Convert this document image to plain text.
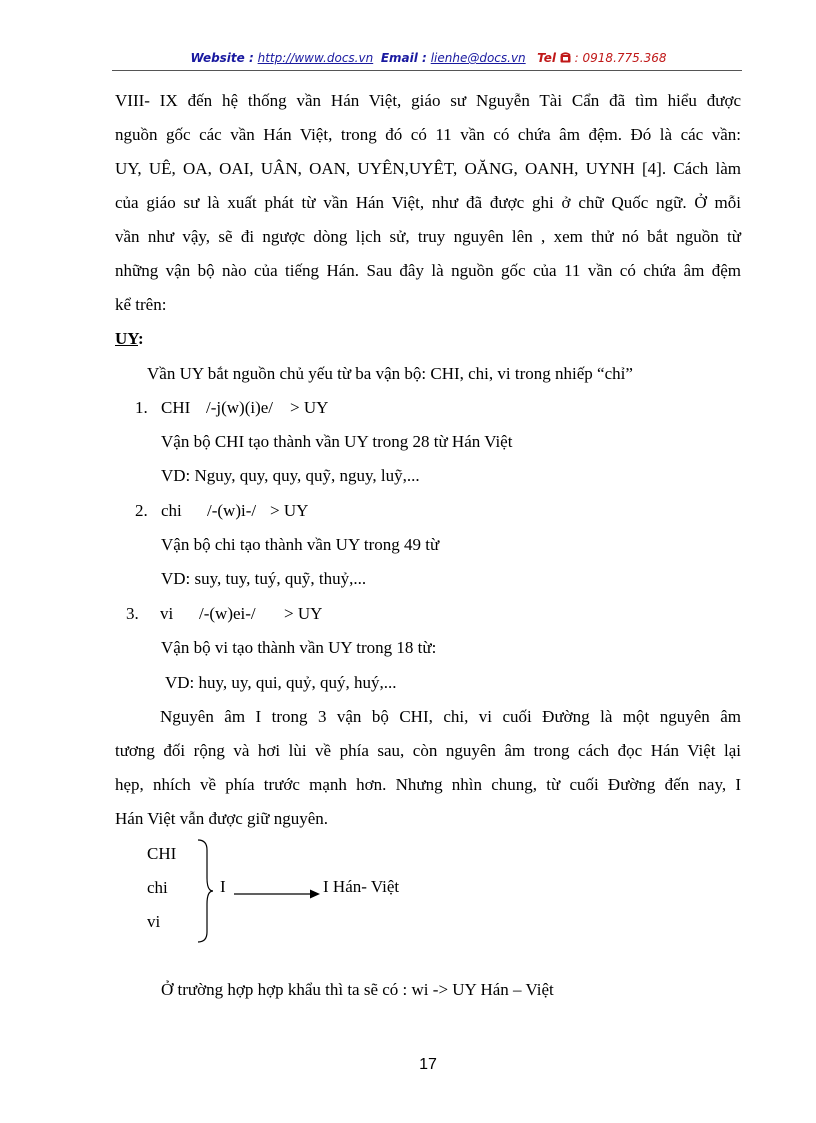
Website : http://www.docs.vn Email : lienhe@docs.vn Tel : 0918.775.368
VIII- IX đến hệ thống vần Hán Việt, giáo sư Nguyễn Tài Cẩn đã tìm hiểu được
nguồn gốc các vần Hán Việt, trong đó có 11 vần có chứa âm đệm. Đó là các vần:
UY, UÊ, OA, OAI, UÂN, OAN, UYÊN,UYÊT, OĂNG, OANH, UYNH [4]. Cách làm
của giáo sư là xuất phát từ vần Hán Việt, như đã được ghi ở chữ Quốc ngữ. Ở mỗi
vần như vậy, sẽ đi ngược dòng lịch sử, truy nguyên lên , xem thử nó bắt nguồn từ
những vận bộ nào của tiếng Hán. Sau đây là nguồn gốc của 11 vần có chứa âm đệm
kể trên:
UY:
Vần UY bắt nguồn chủ yếu từ ba vận bộ: CHI, chi, vi trong nhiếp “chỉ”
1. CHI /-j(w)(i)e/ > UY
Vận bộ CHI tạo thành vần UY trong 28 từ Hán Việt
VD: Nguy, quy, quy, quỹ, nguy, luỹ,...
2. chi /-(w)i-/ > UY
Vận bộ chi tạo thành vần UY trong 49 từ
VD: suy, tuy, tuý, quỹ, thuỷ,...
3. vi /-(w)ei-/ > UY
Vận bộ vi tạo thành vần UY trong 18 từ:
VD: huy, uy, qui, quỷ, quý, huý,...
Nguyên âm I trong 3 vận bộ CHI, chi, vi cuối Đường là một nguyên âm
tương đối rộng và hơi lùi về phía sau, còn nguyên âm trong cách đọc Hán Việt lại
hẹp, nhích về phía trước mạnh hơn. Nhưng nhìn chung, từ cuối Đường đến nay, I
Hán Việt vẫn được giữ nguyên.
CHI
chi
vi
I	I Hán- Việt
Ở trường hợp hợp khẩu thì ta sẽ có : wi -> UY Hán – Việt
17
